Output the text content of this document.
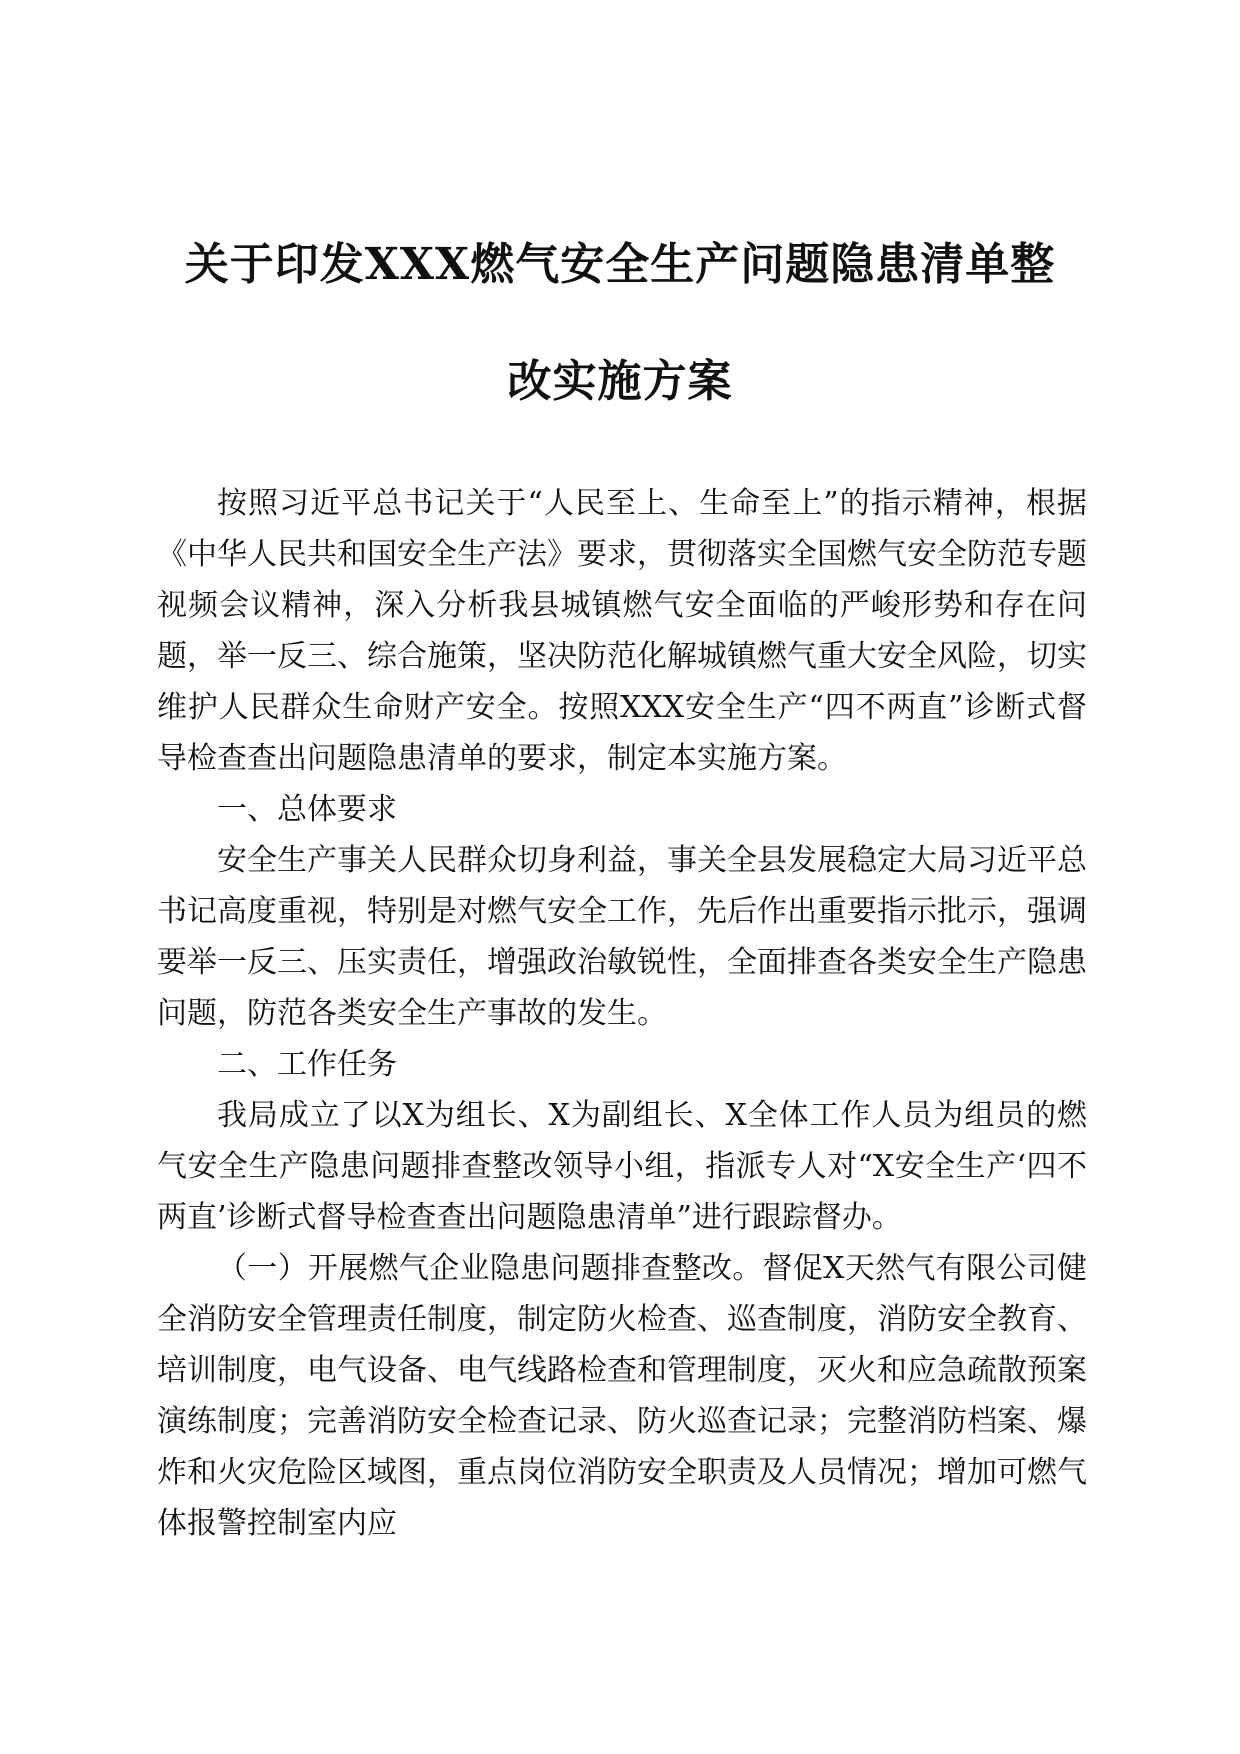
关于印发XXX燃气安全生产问题隐患清单整
改实施方案

按照习近平总书记关于“人民至上、生命至上”的指示精神，根据《中华人民共和国安全生产法》要求，贯彻落实全国燃气安全防范专题视频会议精神，深入分析我县城镇燃气安全面临的严峻形势和存在问题，举一反三、综合施策，坚决防范化解城镇燃气重大安全风险，切实维护人民群众生命财产安全。按照XXX安全生产“四不两直”诊断式督导检查查出问题隐患清单的要求，制定本实施方案。

一、总体要求

安全生产事关人民群众切身利益，事关全县发展稳定大局习近平总书记高度重视，特别是对燃气安全工作，先后作出重要指示批示，强调要举一反三、压实责任，增强政治敏锐性，全面排查各类安全生产隐患问题，防范各类安全生产事故的发生。

二、工作任务

我局成立了以X为组长、X为副组长、X全体工作人员为组员的燃气安全生产隐患问题排查整改领导小组，指派专人对“X安全生产‘四不两直’诊断式督导检查查出问题隐患清单”进行跟踪督办。

（一）开展燃气企业隐患问题排查整改。督促X天然气有限公司健全消防安全管理责任制度，制定防火检查、巡查制度，消防安全教育、培训制度，电气设备、电气线路检查和管理制度，灭火和应急疏散预案演练制度；完善消防安全检查记录、防火巡查记录；完整消防档案、爆炸和火灾危险区域图，重点岗位消防安全职责及人员情况；增加可燃气体报警控制室内应
